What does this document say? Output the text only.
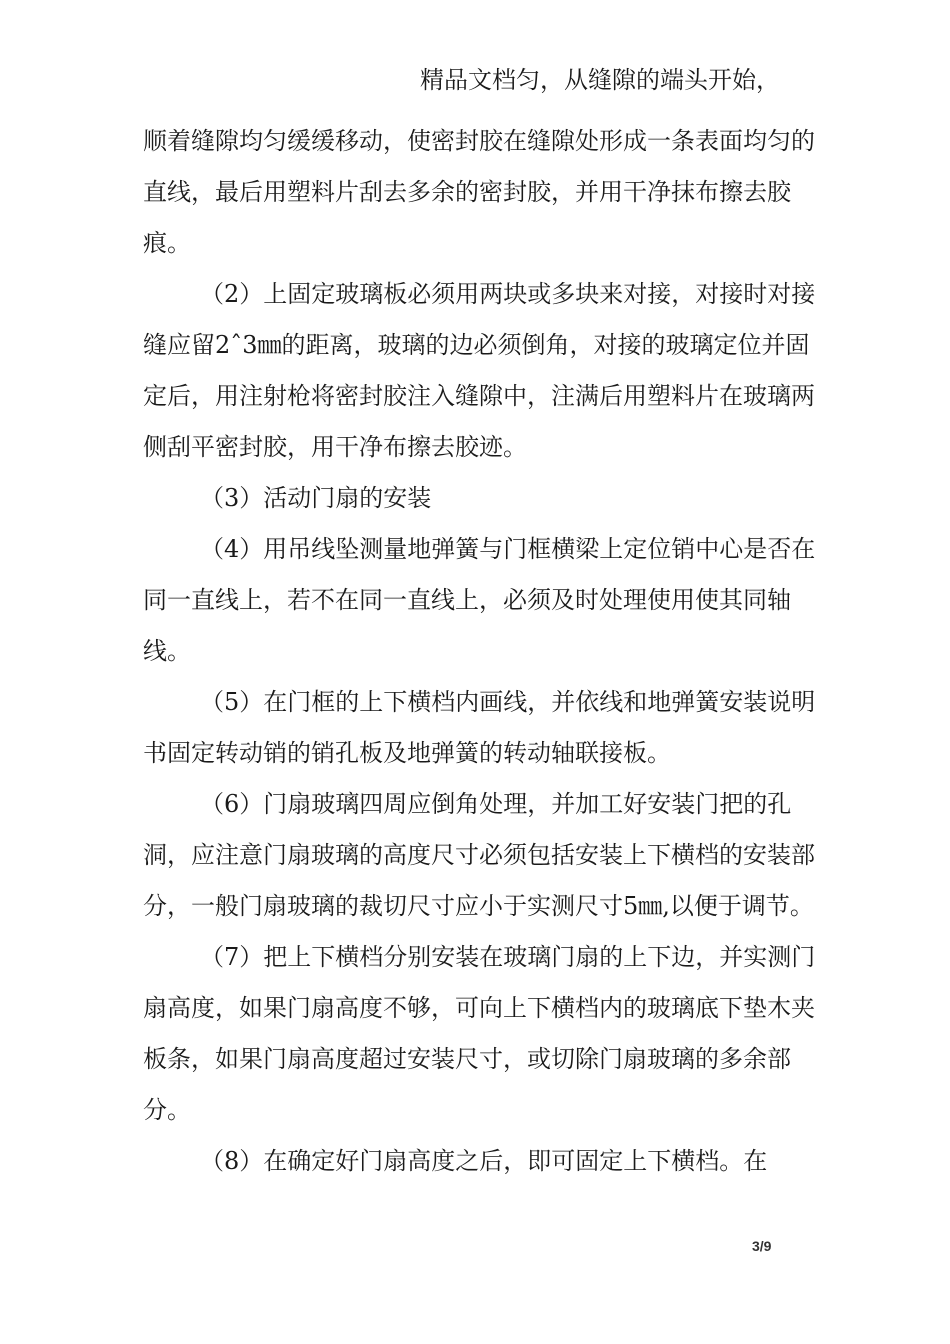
精品文档匀，从缝隙的端头开始，

顺着缝隙均匀缓缓移动，使密封胶在缝隙处形成一条表面均匀的直线，最后用塑料片刮去多余的密封胶，并用干净抹布擦去胶痕。

（2）上固定玻璃板必须用两块或多块来对接，对接时对接缝应留2ˆ3㎜的距离，玻璃的边必须倒角，对接的玻璃定位并固定后，用注射枪将密封胶注入缝隙中，注满后用塑料片在玻璃两侧刮平密封胶，用干净布擦去胶迹。

（3）活动门扇的安装

（4）用吊线坠测量地弹簧与门框横梁上定位销中心是否在同一直线上，若不在同一直线上，必须及时处理使用使其同轴线。

（5）在门框的上下横档内画线，并依线和地弹簧安装说明书固定转动销的销孔板及地弹簧的转动轴联接板。

（6）门扇玻璃四周应倒角处理，并加工好安装门把的孔洞，应注意门扇玻璃的高度尺寸必须包括安装上下横档的安装部分，一般门扇玻璃的裁切尺寸应小于实测尺寸5㎜,以便于调节。

（7）把上下横档分别安装在玻璃门扇的上下边，并实测门扇高度，如果门扇高度不够，可向上下横档内的玻璃底下垫木夹板条，如果门扇高度超过安装尺寸，或切除门扇玻璃的多余部分。

（8）在确定好门扇高度之后，即可固定上下横档。在

3/9
